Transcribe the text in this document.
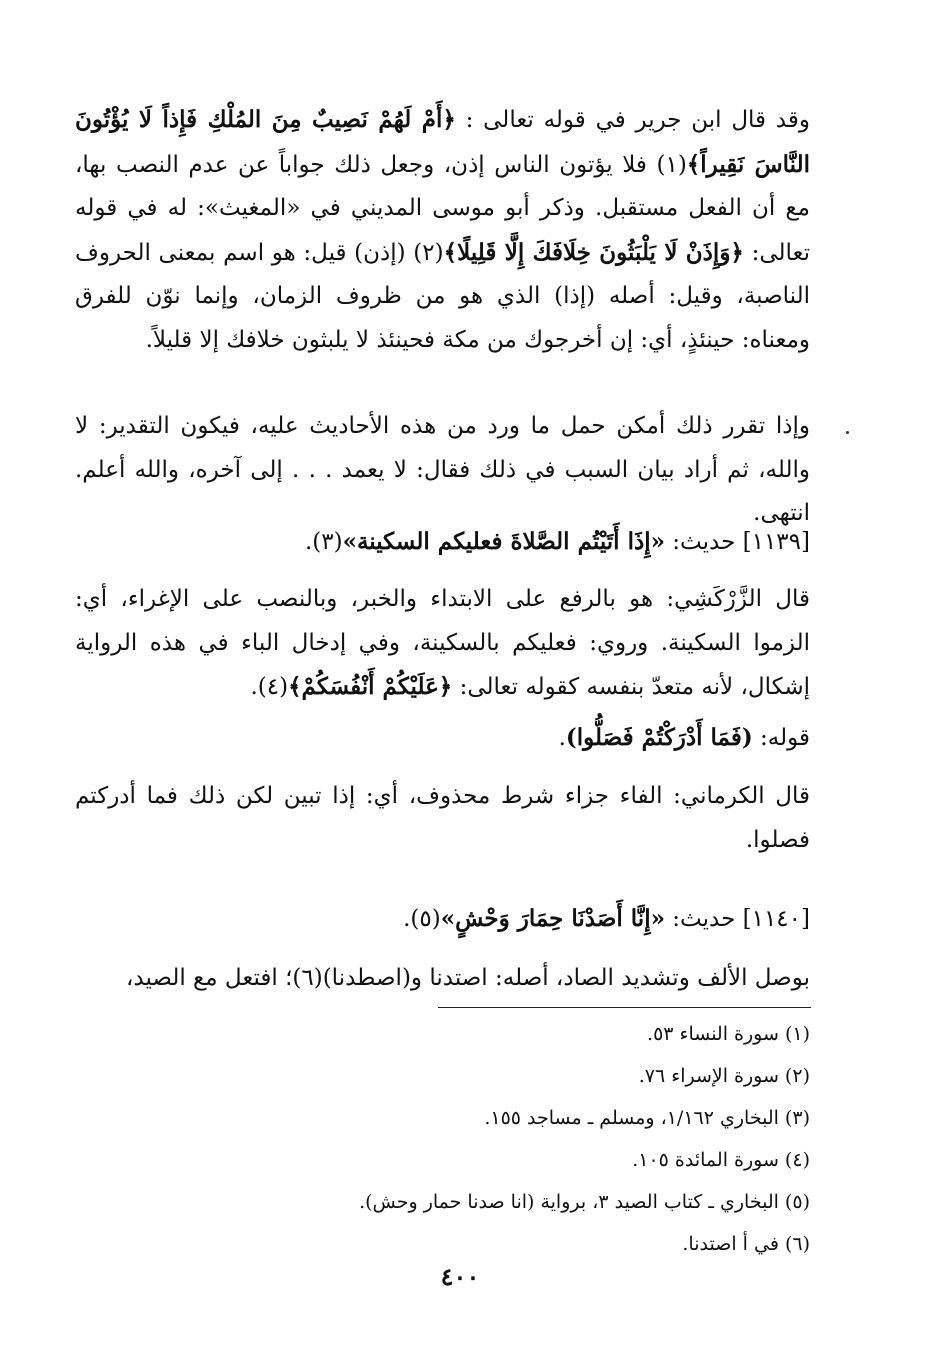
وقد قال ابن جرير في قوله تعالى : ﴿أَمْ لَهُمْ نَصِيبٌ مِنَ المُلْكِ فَإِذاً لَا يُؤْتُونَ النَّاسَ نَقِيراً﴾(١) فلا يؤتون الناس إذن، وجعل ذلك جواباً عن عدم النصب بها، مع أن الفعل مستقبل. وذكر أبو موسى المديني في «المغيث»: له في قوله تعالى: ﴿وَإِذَنْ لَا يَلْبَثُونَ خِلَافَكَ إِلَّا قَلِيلًا﴾(٢) (إذن) قيل: هو اسم بمعنى الحروف الناصبة، وقيل: أصله (إذا) الذي هو من ظروف الزمان، وإنما نوّن للفرق ومعناه: حينئذٍ، أي: إن أخرجوك من مكة فحينئذ لا يلبثون خلافك إلا قليلاً.
وإذا تقرر ذلك أمكن حمل ما ورد من هذه الأحاديث عليه، فيكون التقدير: لا والله، ثم أراد بيان السبب في ذلك فقال: لا يعمد . . . إلى آخره، والله أعلم. انتهى.
[١١٣٩] حديث: «إِذَا أَتَيْتُم الصَّلاةَ فعليكم السكينة»(٣).
قال الزَّرْكَشِي: هو بالرفع على الابتداء والخبر، وبالنصب على الإغراء، أي: الزموا السكينة. وروي: فعليكم بالسكينة، وفي إدخال الباء في هذه الرواية إشكال، لأنه متعدّ بنفسه كقوله تعالى: ﴿عَلَيْكُمْ أَنْفُسَكُمْ﴾(٤).
قوله: (فَمَا أَدْرَكْتُمْ فَصَلُّوا).
قال الكرماني: الفاء جزاء شرط محذوف، أي: إذا تبين لكن ذلك فما أدركتم فصلوا.
[١١٤٠] حديث: «إِنَّا أَصَدْنَا حِمَارَ وَحْشٍ»(٥).
بوصل الألف وتشديد الصاد، أصله: اصتدنا و(اصطدنا)(٦)؛ افتعل مع الصيد،
(١) سورة النساء ٥٣.
(٢) سورة الإسراء ٧٦.
(٣) البخاري ١/١٦٢، ومسلم ـ مساجد ١٥٥.
(٤) سورة المائدة ١٠٥.
(٥) البخاري ـ كتاب الصيد ٣، برواية (انا صدنا حمار وحش).
(٦) في أ اصتدنا.
٤٠٠
